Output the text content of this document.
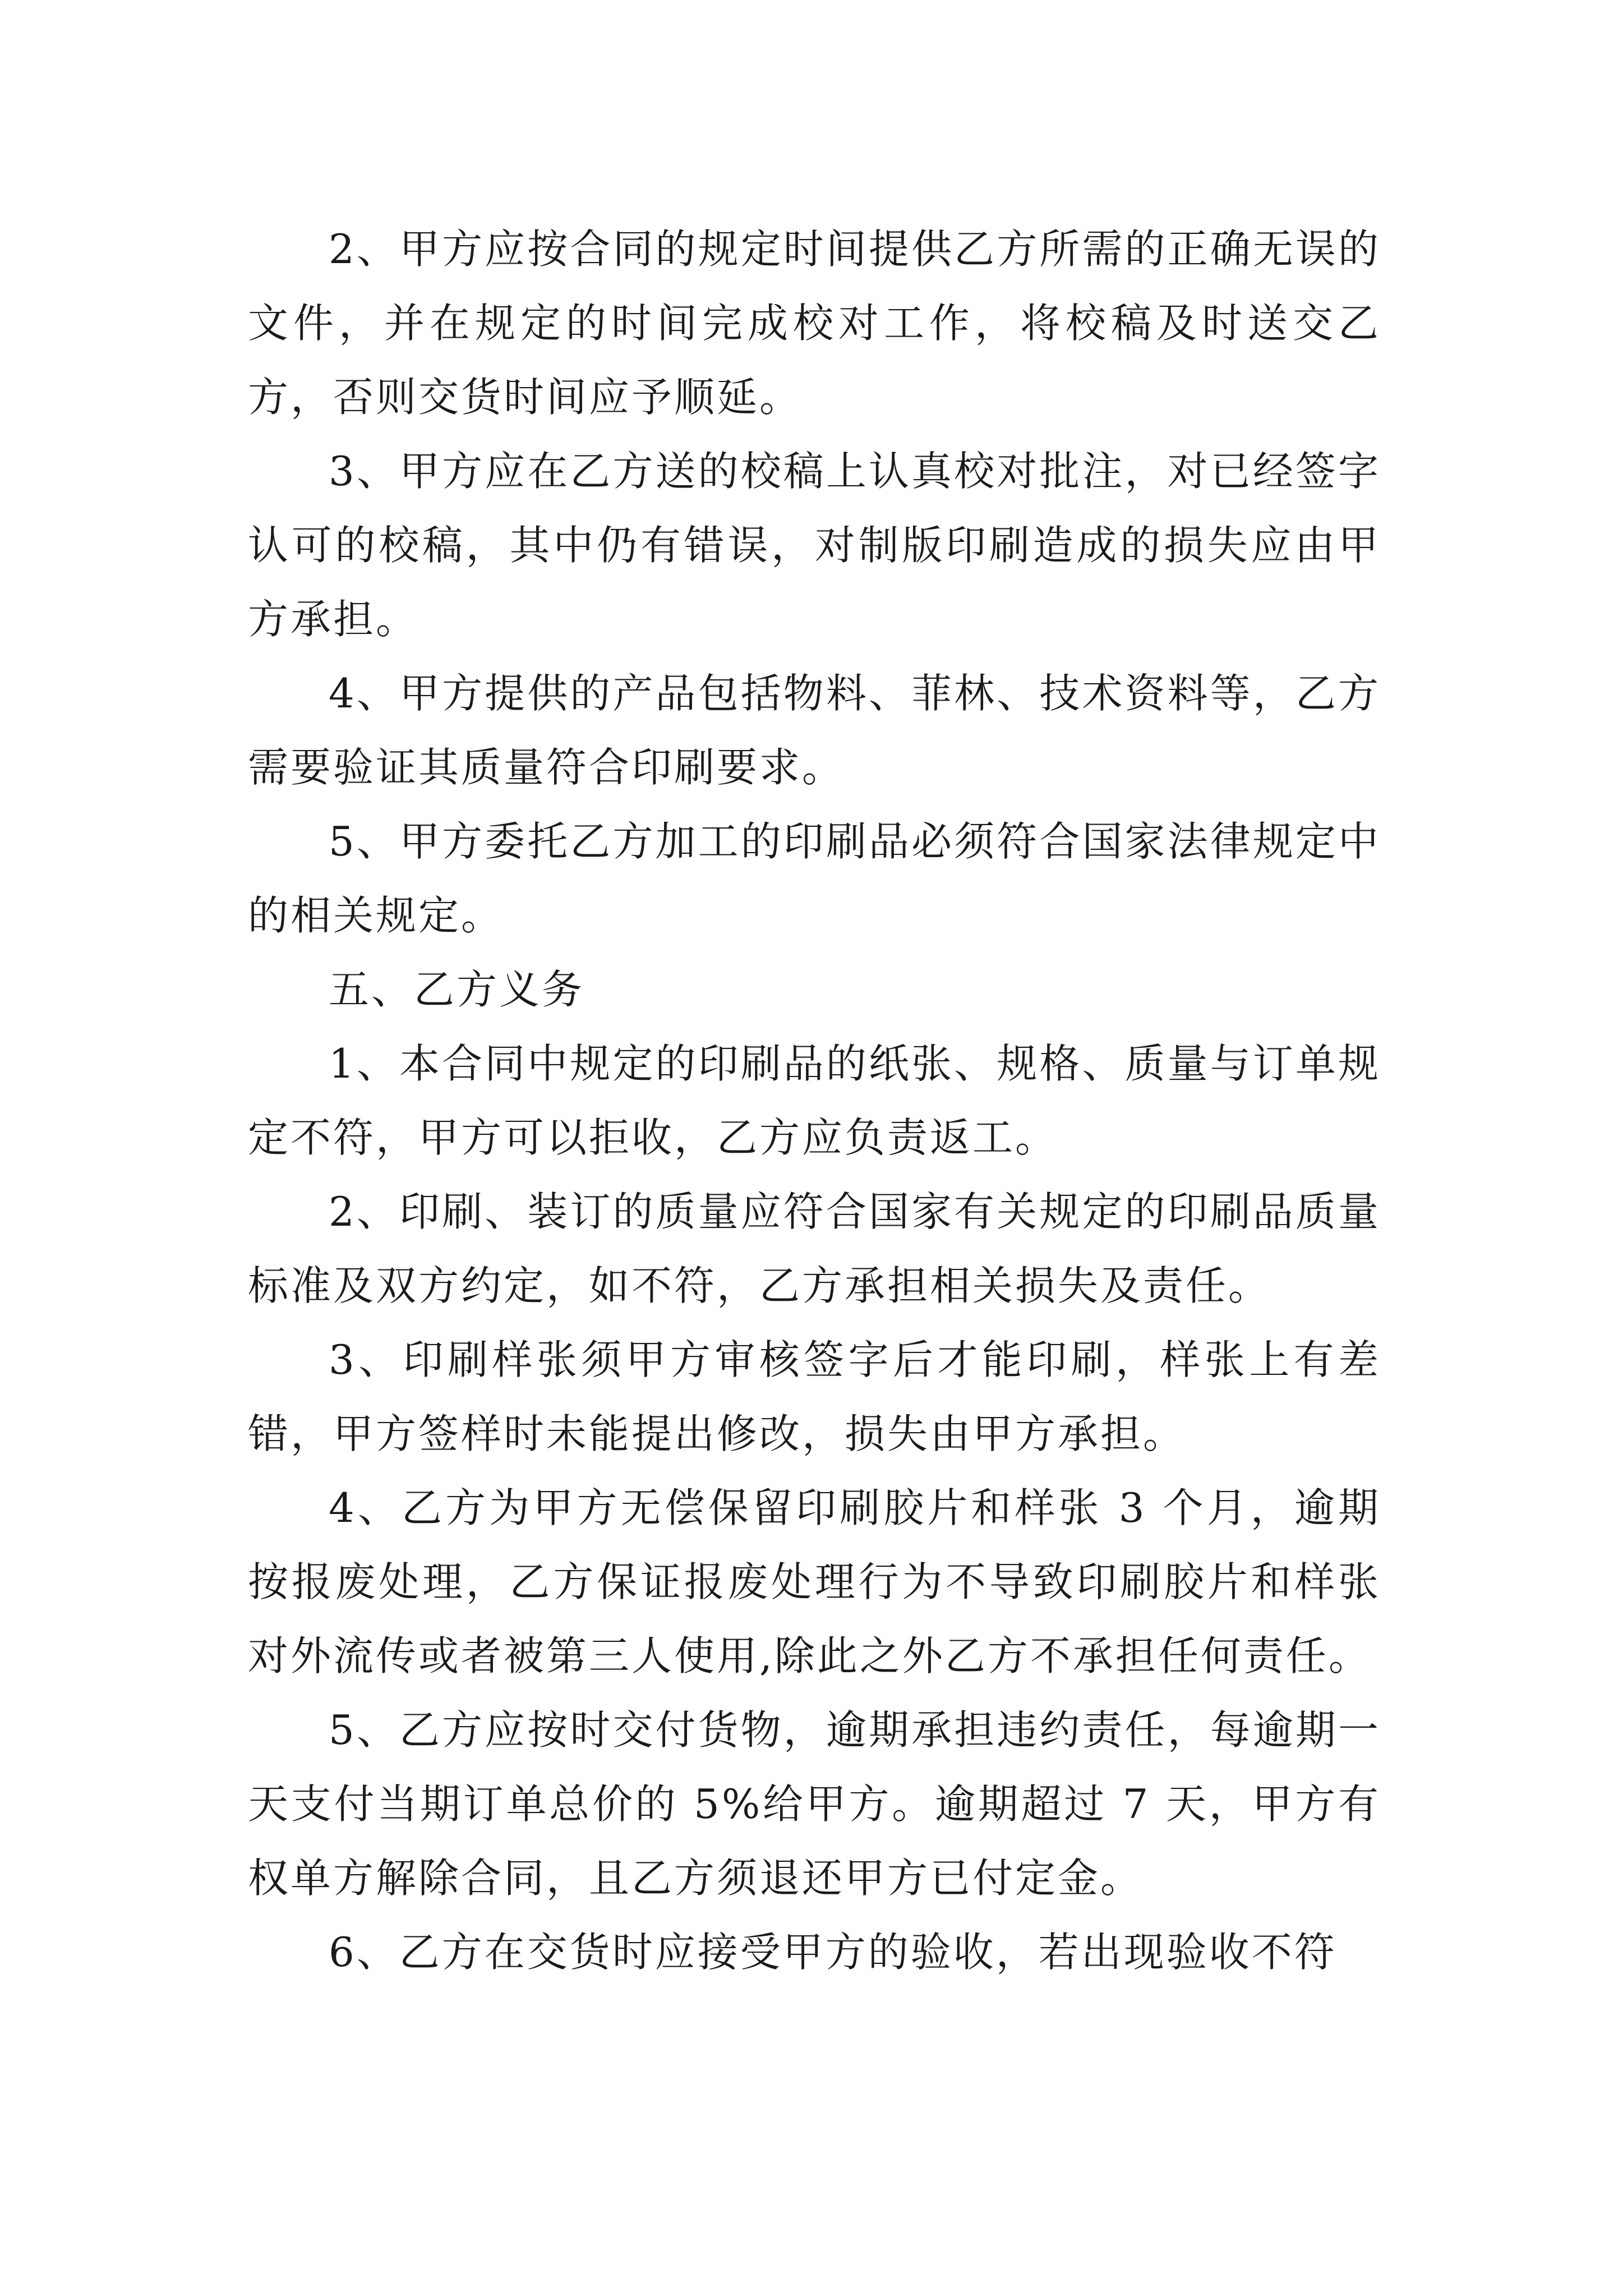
2、甲方应按合同的规定时间提供乙方所需的正确无误的文件，并在规定的时间完成校对工作，将校稿及时送交乙方，否则交货时间应予顺延。

3、甲方应在乙方送的校稿上认真校对批注，对已经签字认可的校稿，其中仍有错误，对制版印刷造成的损失应由甲方承担。

4、甲方提供的产品包括物料、菲林、技术资料等，乙方需要验证其质量符合印刷要求。

5、甲方委托乙方加工的印刷品必须符合国家法律规定中的相关规定。

五、乙方义务

1、本合同中规定的印刷品的纸张、规格、质量与订单规定不符，甲方可以拒收，乙方应负责返工。

2、印刷、装订的质量应符合国家有关规定的印刷品质量标准及双方约定，如不符，乙方承担相关损失及责任。

3、印刷样张须甲方审核签字后才能印刷，样张上有差错，甲方签样时未能提出修改，损失由甲方承担。

4、乙方为甲方无偿保留印刷胶片和样张 3 个月，逾期按报废处理，乙方保证报废处理行为不导致印刷胶片和样张对外流传或者被第三人使用,除此之外乙方不承担任何责任。

5、乙方应按时交付货物，逾期承担违约责任，每逾期一天支付当期订单总价的 5%给甲方。逾期超过 7 天，甲方有权单方解除合同，且乙方须退还甲方已付定金。

6、乙方在交货时应接受甲方的验收，若出现验收不符
